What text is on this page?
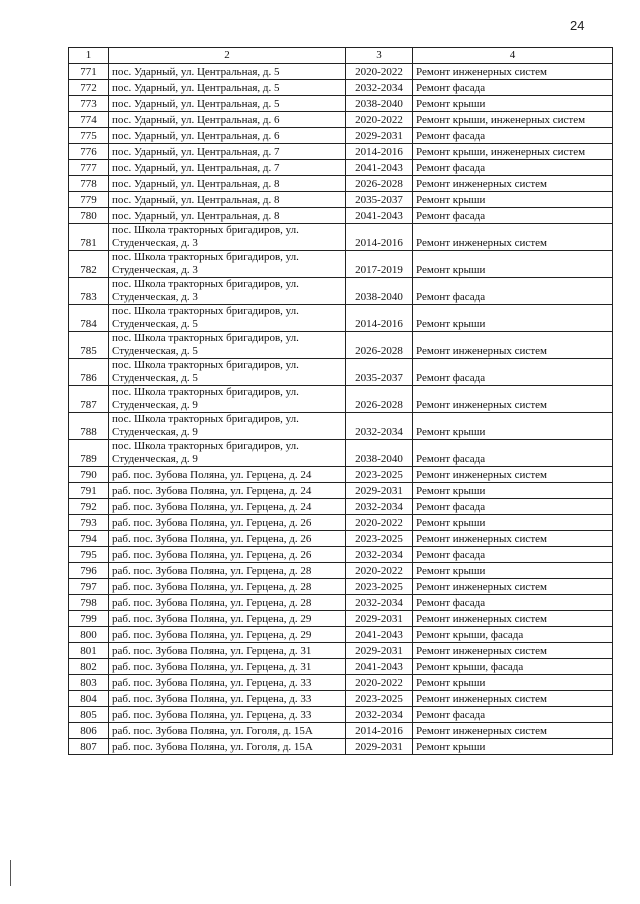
24
1	2	3	4
771	пос. Ударный, ул. Центральная, д. 5	2020-2022	Ремонт инженерных систем
772	пос. Ударный, ул. Центральная, д. 5	2032-2034	Ремонт фасада
773	пос. Ударный, ул. Центральная, д. 5	2038-2040	Ремонт крыши
774	пос. Ударный, ул. Центральная, д. 6	2020-2022	Ремонт крыши, инженерных систем
775	пос. Ударный, ул. Центральная, д. 6	2029-2031	Ремонт фасада
776	пос. Ударный, ул. Центральная, д. 7	2014-2016	Ремонт крыши, инженерных систем
777	пос. Ударный, ул. Центральная, д. 7	2041-2043	Ремонт фасада
778	пос. Ударный, ул. Центральная, д. 8	2026-2028	Ремонт инженерных систем
779	пос. Ударный, ул. Центральная, д. 8	2035-2037	Ремонт крыши
780	пос. Ударный, ул. Центральная, д. 8	2041-2043	Ремонт фасада
781	пос. Школа тракторных бригадиров, ул.
Студенческая, д. 3	2014-2016	Ремонт инженерных систем
782	пос. Школа тракторных бригадиров, ул.
Студенческая, д. 3	2017-2019	Ремонт крыши
783	пос. Школа тракторных бригадиров, ул.
Студенческая, д. 3	2038-2040	Ремонт фасада
784	пос. Школа тракторных бригадиров, ул.
Студенческая, д. 5	2014-2016	Ремонт крыши
785	пос. Школа тракторных бригадиров, ул.
Студенческая, д. 5	2026-2028	Ремонт инженерных систем
786	пос. Школа тракторных бригадиров, ул.
Студенческая, д. 5	2035-2037	Ремонт фасада
787	пос. Школа тракторных бригадиров, ул.
Студенческая, д. 9	2026-2028	Ремонт инженерных систем
788	пос. Школа тракторных бригадиров, ул.
Студенческая, д. 9	2032-2034	Ремонт крыши
789	пос. Школа тракторных бригадиров, ул.
Студенческая, д. 9	2038-2040	Ремонт фасада
790	раб. пос. Зубова Поляна, ул. Герцена, д. 24	2023-2025	Ремонт инженерных систем
791	раб. пос. Зубова Поляна, ул. Герцена, д. 24	2029-2031	Ремонт крыши
792	раб. пос. Зубова Поляна, ул. Герцена, д. 24	2032-2034	Ремонт фасада
793	раб. пос. Зубова Поляна, ул. Герцена, д. 26	2020-2022	Ремонт крыши
794	раб. пос. Зубова Поляна, ул. Герцена, д. 26	2023-2025	Ремонт инженерных систем
795	раб. пос. Зубова Поляна, ул. Герцена, д. 26	2032-2034	Ремонт фасада
796	раб. пос. Зубова Поляна, ул. Герцена, д. 28	2020-2022	Ремонт крыши
797	раб. пос. Зубова Поляна, ул. Герцена, д. 28	2023-2025	Ремонт инженерных систем
798	раб. пос. Зубова Поляна, ул. Герцена, д. 28	2032-2034	Ремонт фасада
799	раб. пос. Зубова Поляна, ул. Герцена, д. 29	2029-2031	Ремонт инженерных систем
800	раб. пос. Зубова Поляна, ул. Герцена, д. 29	2041-2043	Ремонт крыши, фасада
801	раб. пос. Зубова Поляна, ул. Герцена, д. 31	2029-2031	Ремонт инженерных систем
802	раб. пос. Зубова Поляна, ул. Герцена, д. 31	2041-2043	Ремонт крыши, фасада
803	раб. пос. Зубова Поляна, ул. Герцена, д. 33	2020-2022	Ремонт крыши
804	раб. пос. Зубова Поляна, ул. Герцена, д. 33	2023-2025	Ремонт инженерных систем
805	раб. пос. Зубова Поляна, ул. Герцена, д. 33	2032-2034	Ремонт фасада
806	раб. пос. Зубова Поляна, ул. Гоголя, д. 15А	2014-2016	Ремонт инженерных систем
807	раб. пос. Зубова Поляна, ул. Гоголя, д. 15А	2029-2031	Ремонт крыши
